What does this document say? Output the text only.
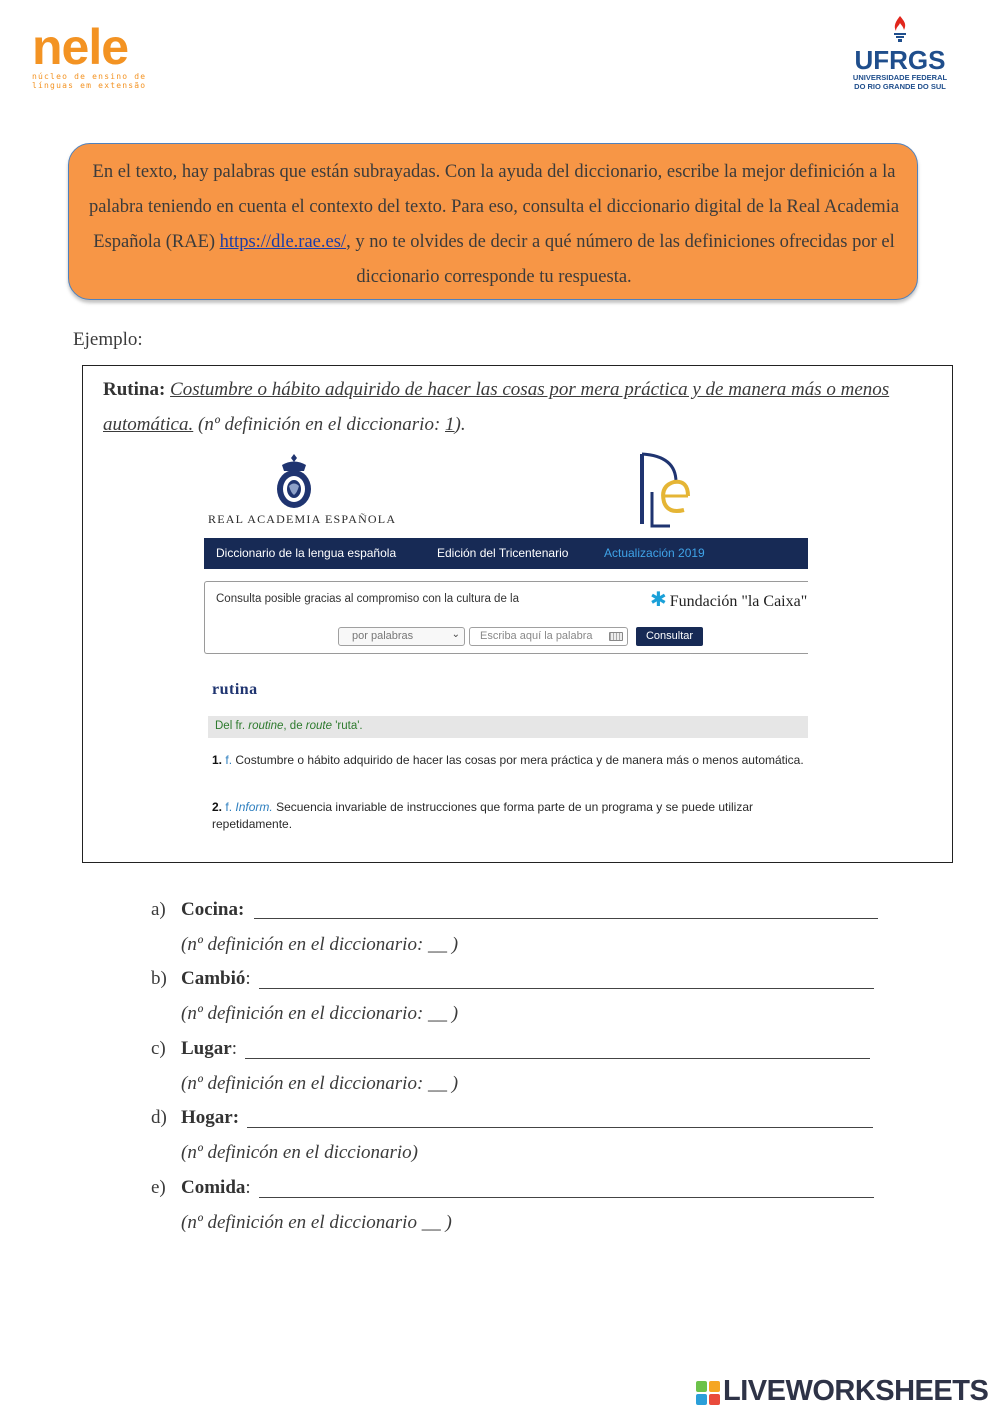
nele
núcleo de ensino de
línguas em extensão
UFRGS
UNIVERSIDADE FEDERAL
DO RIO GRANDE DO SUL

En el texto, hay palabras que están subrayadas. Con la ayuda del diccionario, escribe la mejor definición a la palabra teniendo en cuenta el contexto del texto. Para eso, consulta el diccionario digital de la Real Academia Española (RAE) https://dle.rae.es/, y no te olvides de decir a qué número de las definiciones ofrecidas por el diccionario corresponde tu respuesta.

Ejemplo:
Rutina: Costumbre o hábito adquirido de hacer las cosas por mera práctica y de manera más o menos automática. (nº definición en el diccionario: 1).
REAL ACADEMIA ESPAÑOLA
Diccionario de la lengua española	Edición del Tricentenario	Actualización 2019
Consulta posible gracias al compromiso con la cultura de la	✱ Fundación "la Caixa"
por palabras	⌄	Escriba aquí la palabra	Consultar
rutina
Del fr. routine, de route 'ruta'.
1. f. Costumbre o hábito adquirido de hacer las cosas por mera práctica y de manera más o menos automática.
2. f. Inform. Secuencia invariable de instrucciones que forma parte de un programa y se puede utilizar repetidamente.
a) Cocina:
(nº definición en el diccionario: __ )
b) Cambió:
(nº definición en el diccionario: __ )
c) Lugar:
(nº definición en el diccionario: __ )
d) Hogar:
(nº definicón en el diccionario)
e) Comida:
(nº definición en el diccionario __ )
LIVEWORKSHEETS
